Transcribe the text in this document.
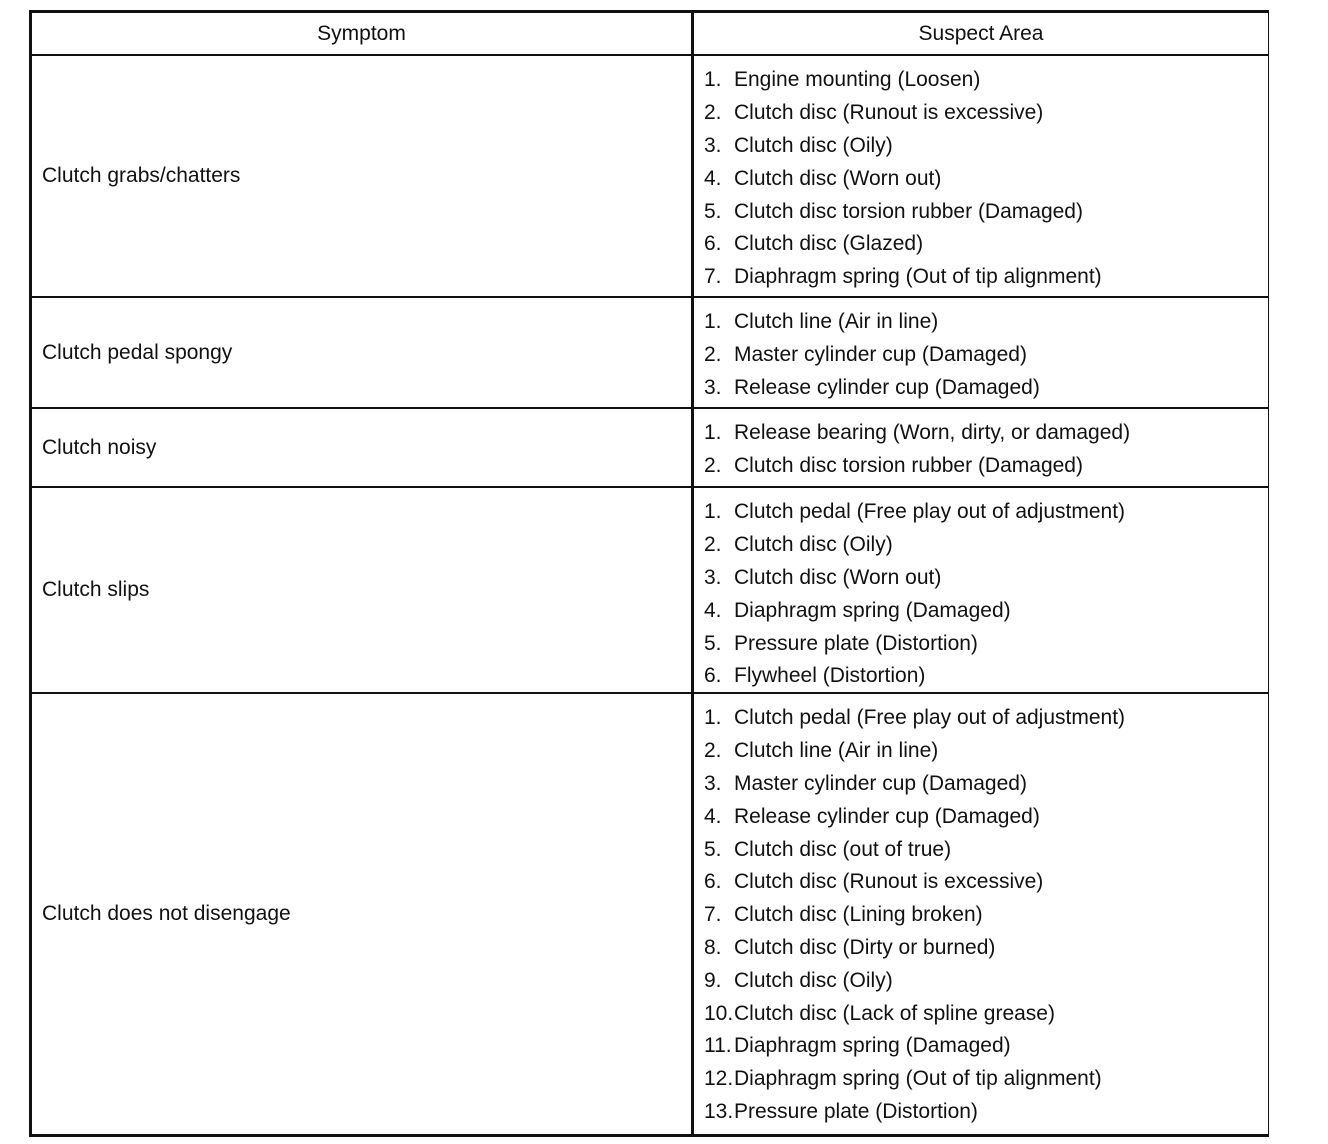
Symptom	Suspect Area
Clutch grabs/chatters
1. Engine mounting (Loosen)
2. Clutch disc (Runout is excessive)
3. Clutch disc (Oily)
4. Clutch disc (Worn out)
5. Clutch disc torsion rubber (Damaged)
6. Clutch disc (Glazed)
7. Diaphragm spring (Out of tip alignment)
Clutch pedal spongy
1. Clutch line (Air in line)
2. Master cylinder cup (Damaged)
3. Release cylinder cup (Damaged)
Clutch noisy
1. Release bearing (Worn, dirty, or damaged)
2. Clutch disc torsion rubber (Damaged)
Clutch slips
1. Clutch pedal (Free play out of adjustment)
2. Clutch disc (Oily)
3. Clutch disc (Worn out)
4. Diaphragm spring (Damaged)
5. Pressure plate (Distortion)
6. Flywheel (Distortion)
Clutch does not disengage
1. Clutch pedal (Free play out of adjustment)
2. Clutch line (Air in line)
3. Master cylinder cup (Damaged)
4. Release cylinder cup (Damaged)
5. Clutch disc (out of true)
6. Clutch disc (Runout is excessive)
7. Clutch disc (Lining broken)
8. Clutch disc (Dirty or burned)
9. Clutch disc (Oily)
10. Clutch disc (Lack of spline grease)
11. Diaphragm spring (Damaged)
12. Diaphragm spring (Out of tip alignment)
13. Pressure plate (Distortion)
